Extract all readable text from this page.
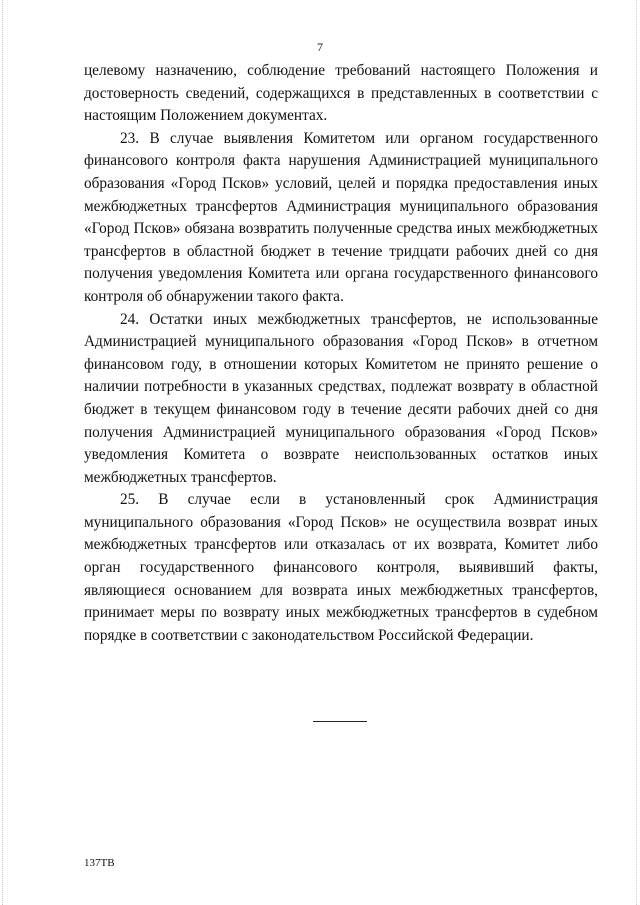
7

целевому назначению, соблюдение требований настоящего Положения и достоверность сведений, содержащихся в представленных в соответствии с настоящим Положением документах.

23. В случае выявления Комитетом или органом государственного финансового контроля факта нарушения Администрацией муниципального образования «Город Псков» условий, целей и порядка предоставления иных межбюджетных трансфертов Администрация муниципального образования «Город Псков» обязана возвратить полученные средства иных межбюджетных трансфертов в областной бюджет в течение тридцати рабочих дней со дня получения уведомления Комитета или органа государственного финансового контроля об обнаружении такого факта.

24. Остатки иных межбюджетных трансфертов, не использованные Администрацией муниципального образования «Город Псков» в отчетном финансовом году, в отношении которых Комитетом не принято решение о наличии потребности в указанных средствах, подлежат возврату в областной бюджет в текущем финансовом году в течение десяти рабочих дней со дня получения Администрацией муниципального образования «Город Псков» уведомления Комитета о возврате неиспользованных остатков иных межбюджетных трансфертов.

25. В случае если в установленный срок Администрация муниципального образования «Город Псков» не осуществила возврат иных межбюджетных трансфертов или отказалась от их возврата, Комитет либо орган государственного финансового контроля, выявивший факты, являющиеся основанием для возврата иных межбюджетных трансфертов, принимает меры по возврату иных межбюджетных трансфертов в судебном порядке в соответствии с законодательством Российской Федерации.

137ТВ
